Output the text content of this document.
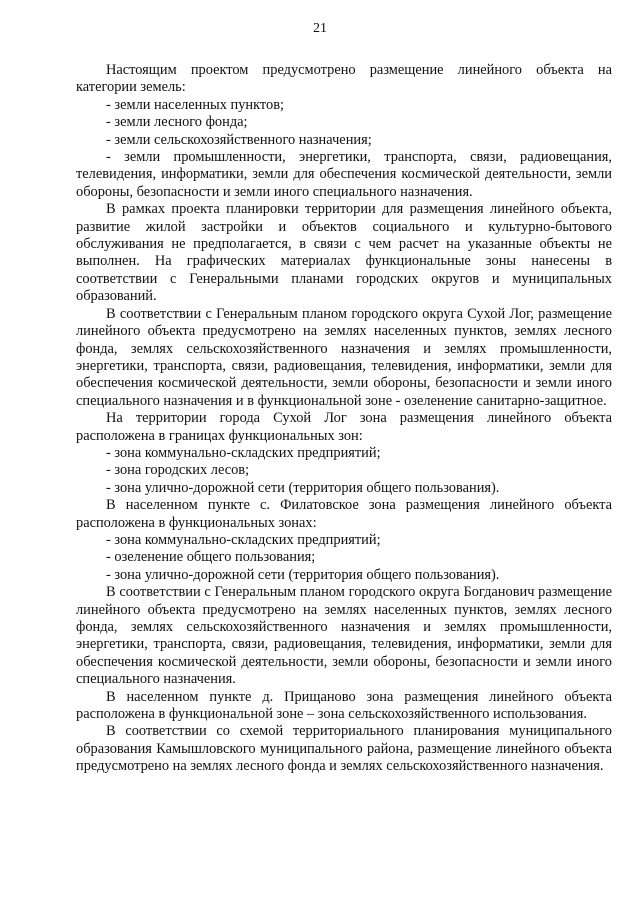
21

Настоящим проектом предусмотрено размещение линейного объекта на категории земель:

- земли населенных пунктов;

- земли лесного фонда;

- земли сельскохозяйственного назначения;

- земли промышленности, энергетики, транспорта, связи, радиовещания, телевидения, информатики, земли для обеспечения космической деятельности, земли обороны, безопасности и земли иного специального назначения.

В рамках проекта планировки территории для размещения линейного объекта, развитие жилой застройки и объектов социального и культурно-бытового обслуживания не предполагается, в связи с чем расчет на указанные объекты не выполнен. На графических материалах функциональные зоны нанесены в соответствии с Генеральными планами городских округов и муниципальных образований.

В соответствии с Генеральным планом городского округа Сухой Лог, размещение линейного объекта предусмотрено на землях населенных пунктов, землях лесного фонда, землях сельскохозяйственного назначения и землях промышленности, энергетики, транспорта, связи, радиовещания, телевидения, информатики, земли для обеспечения космической деятельности, земли обороны, безопасности и земли иного специального назначения и в функциональной зоне - озеленение санитарно-защитное.

На территории города Сухой Лог зона размещения линейного объекта расположена в границах функциональных зон:

- зона коммунально-складских предприятий;

- зона городских лесов;

- зона улично-дорожной сети (территория общего пользования).

В населенном пункте с. Филатовское зона размещения линейного объекта расположена в функциональных зонах:

- зона коммунально-складских предприятий;

- озеленение общего пользования;

- зона улично-дорожной сети (территория общего пользования).

В соответствии с Генеральным планом городского округа Богданович размещение линейного объекта предусмотрено на землях населенных пунктов, землях лесного фонда, землях сельскохозяйственного назначения и землях промышленности, энергетики, транспорта, связи, радиовещания, телевидения, информатики, земли для обеспечения космической деятельности, земли обороны, безопасности и земли иного специального назначения.

В населенном пункте д. Прищаново зона размещения линейного объекта расположена в функциональной зоне – зона сельскохозяйственного использования.

В соответствии со схемой территориального планирования муниципального образования Камышловского муниципального района, размещение линейного объекта предусмотрено на землях лесного фонда и землях сельскохозяйственного назначения.
